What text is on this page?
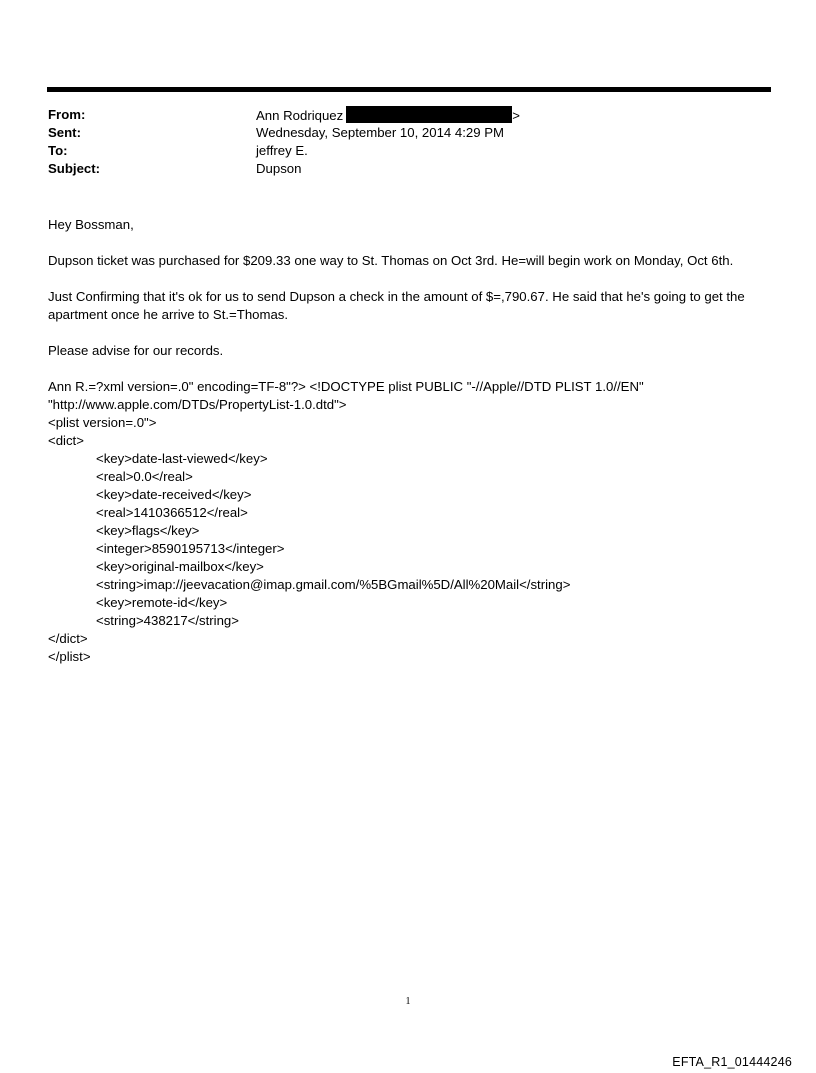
From:	Ann Rodriquez	>
Sent:	Wednesday, September 10, 2014 4:29 PM
To:	jeffrey E.
Subject:	Dupson

Hey Bossman,

Dupson ticket was purchased for $209.33 one way to St. Thomas on Oct 3rd. He=will begin work on Monday, Oct 6th.

Just Confirming that it's ok for us to send Dupson a check in the amount of $=,790.67. He said that he's going to get the apartment once he arrive to St.=Thomas.

Please advise for our records.

Ann R.=?xml version=.0" encoding=TF-8"?> <!DOCTYPE plist PUBLIC "-//Apple//DTD PLIST 1.0//EN"

"http://www.apple.com/DTDs/PropertyList-1.0.dtd">

<plist version=.0">

<dict>

<key>date-last-viewed</key>

<real>0.0</real>

<key>date-received</key>

<real>1410366512</real>

<key>flags</key>

<integer>8590195713</integer>

<key>original-mailbox</key>

<string>imap://jeevacation@imap.gmail.com/%5BGmail%5D/All%20Mail</string>

<key>remote-id</key>

<string>438217</string>

</dict>

</plist>

1
EFTA_R1_01444246
